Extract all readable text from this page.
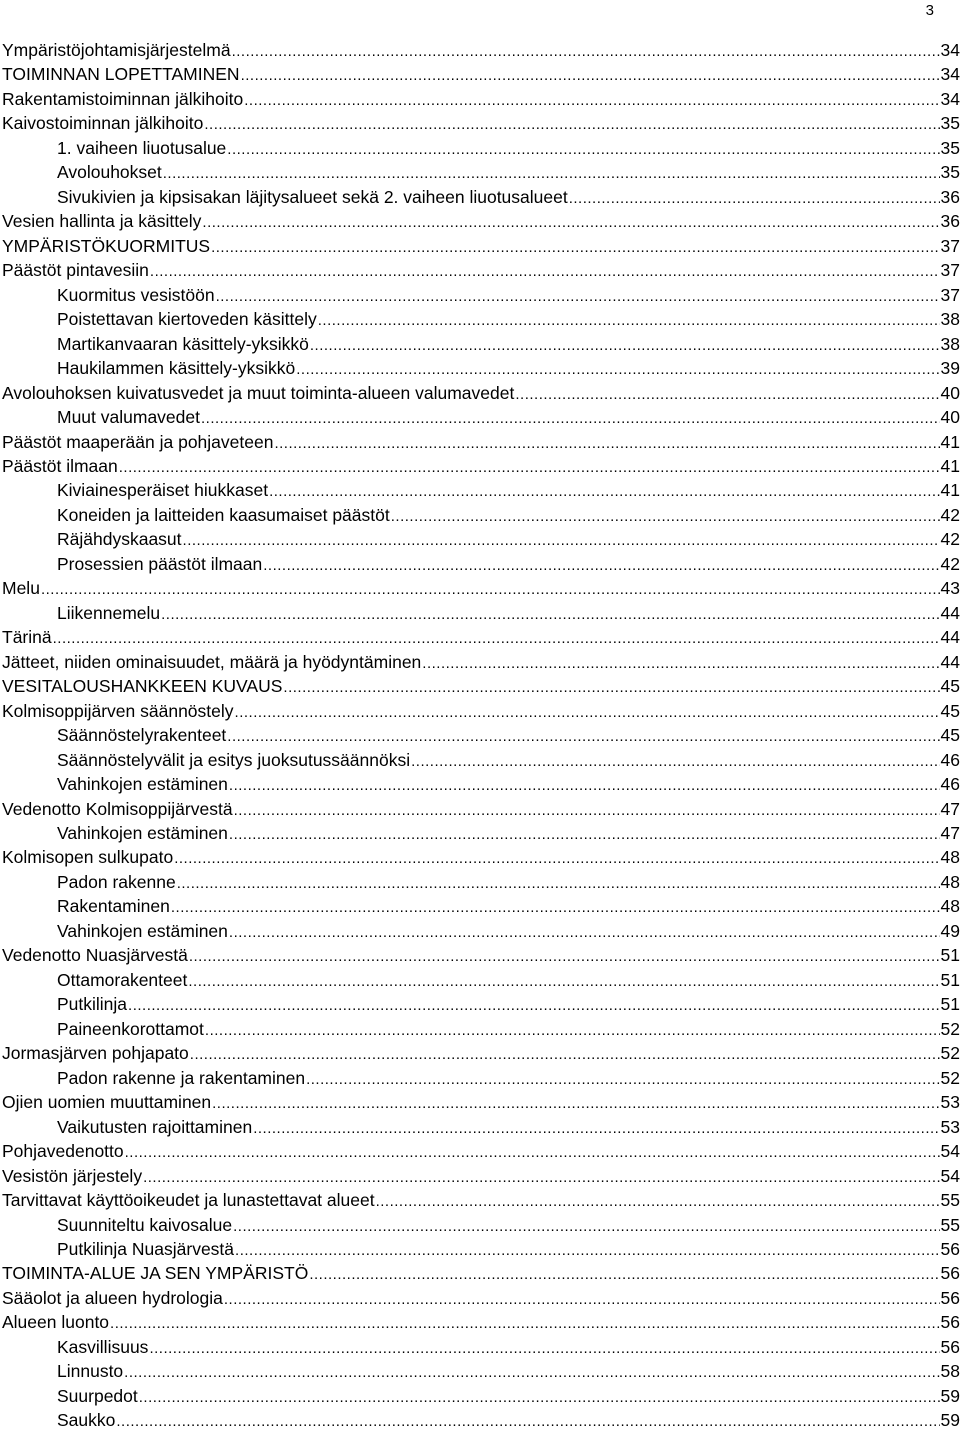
3
Ympäristöjohtamisjärjestelmä .....	34
TOIMINNAN LOPETTAMINEN .....	34
Rakentamistoiminnan jälkihoito .....	34
Kaivostoiminnan jälkihoito .....	35
1. vaiheen liuotusalue .....	35
Avolouhokset .....	35
Sivukivien ja kipsisakan läjitysalueet sekä 2. vaiheen liuotusalueet .....	36
Vesien hallinta ja käsittely .....	36
YMPÄRISTÖKUORMITUS .....	37
Päästöt pintavesiin .....	37
Kuormitus vesistöön .....	37
Poistettavan kiertoveden käsittely .....	38
Martikanvaaran käsittely-yksikkö .....	38
Haukilammen käsittely-yksikkö .....	39
Avolouhoksen kuivatusvedet ja muut toiminta-alueen valumavedet .....	40
Muut valumavedet .....	40
Päästöt maaperään ja pohjaveteen .....	41
Päästöt ilmaan .....	41
Kiviainesperäiset hiukkaset .....	41
Koneiden ja laitteiden kaasumaiset päästöt .....	42
Räjähdyskaasut .....	42
Prosessien päästöt ilmaan .....	42
Melu .....	43
Liikennemelu .....	44
Tärinä .....	44
Jätteet, niiden ominaisuudet, määrä ja hyödyntäminen .....	44
VESITALOUSHANKKEEN KUVAUS .....	45
Kolmisoppijärven säännöstely .....	45
Säännöstelyrakenteet .....	45
Säännöstelyvälit ja esitys juoksutussäännöksi .....	46
Vahinkojen estäminen .....	46
Vedenotto Kolmisoppijärvestä .....	47
Vahinkojen estäminen .....	47
Kolmisopen sulkupato .....	48
Padon rakenne .....	48
Rakentaminen .....	48
Vahinkojen estäminen .....	49
Vedenotto Nuasjärvestä .....	51
Ottamorakenteet .....	51
Putkilinja .....	51
Paineenkorottamot .....	52
Jormasjärven pohjapato .....	52
Padon rakenne ja rakentaminen .....	52
Ojien uomien muuttaminen .....	53
Vaikutusten rajoittaminen .....	53
Pohjavedenotto .....	54
Vesistön järjestely .....	54
Tarvittavat käyttöoikeudet ja lunastettavat alueet .....	55
Suunniteltu kaivosalue .....	55
Putkilinja Nuasjärvestä .....	56
TOIMINTA-ALUE JA SEN YMPÄRISTÖ .....	56
Sääolot ja alueen hydrologia .....	56
Alueen luonto .....	56
Kasvillisuus .....	56
Linnusto .....	58
Suurpedot .....	59
Saukko .....	59
